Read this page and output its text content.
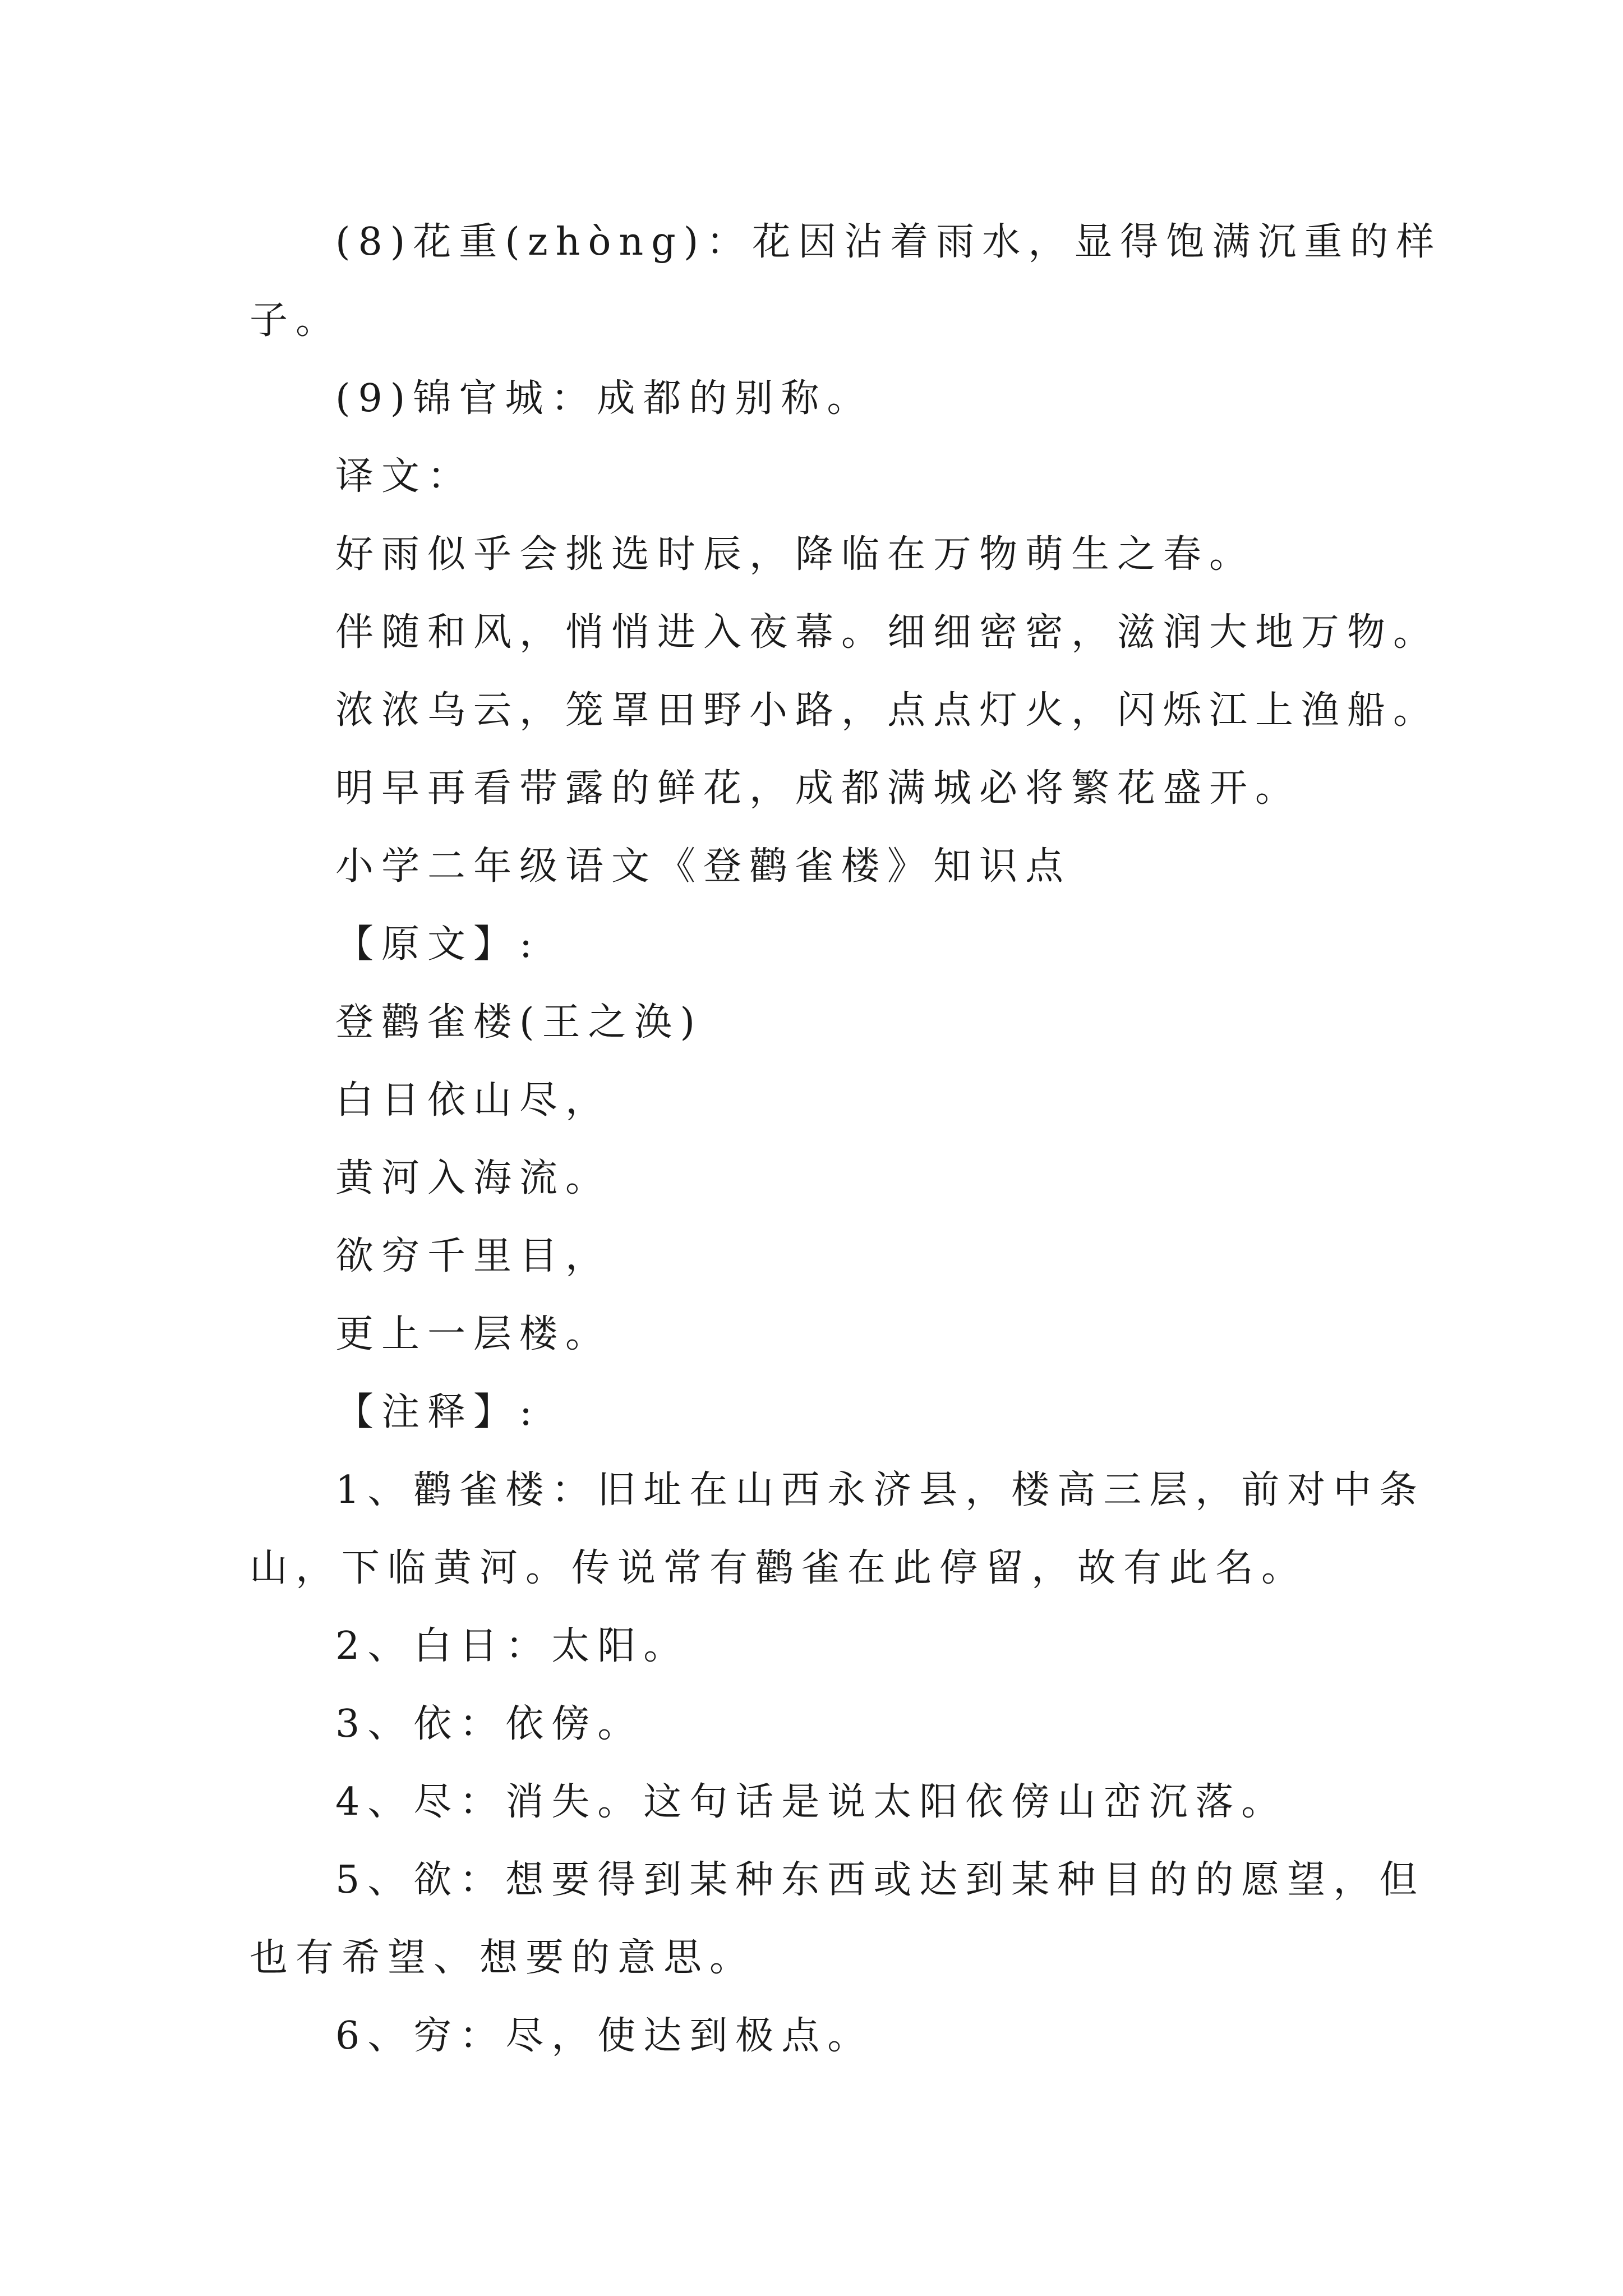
(8)花重(zhòng)：花因沾着雨水，显得饱满沉重的样
子。
(9)锦官城：成都的别称。
译文：
好雨似乎会挑选时辰，降临在万物萌生之春。
伴随和风，悄悄进入夜幕。细细密密，滋润大地万物。
浓浓乌云，笼罩田野小路，点点灯火，闪烁江上渔船。
明早再看带露的鲜花，成都满城必将繁花盛开。
小学二年级语文《登鹳雀楼》知识点
【原文】:
登鹳雀楼(王之涣)
白日依山尽，
黄河入海流。
欲穷千里目，
更上一层楼。
【注释】:
1、鹳雀楼：旧址在山西永济县，楼高三层，前对中条
山，下临黄河。传说常有鹳雀在此停留，故有此名。
2、白日：太阳。
3、依：依傍。
4、尽：消失。这句话是说太阳依傍山峦沉落。
5、欲：想要得到某种东西或达到某种目的的愿望，但
也有希望、想要的意思。
6、穷：尽，使达到极点。
